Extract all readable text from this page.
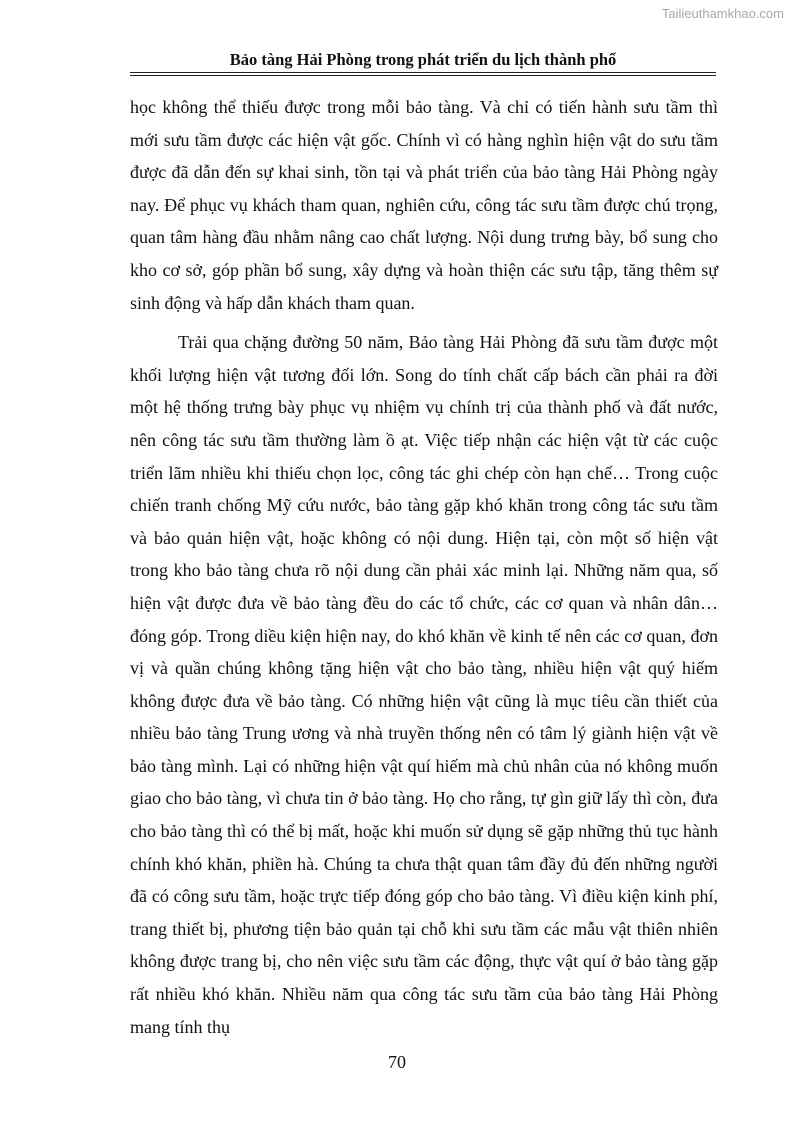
Tailieuthamkhao.com
Bảo tàng Hải Phòng trong phát triển du lịch thành phố

học không thể thiếu được trong mỗi bảo tàng. Và chỉ có tiến hành sưu tầm thì mới sưu tầm được các hiện vật gốc. Chính vì có hàng nghìn hiện vật do sưu tầm được đã dẫn đến sự khai sinh, tồn tại và phát triển của bảo tàng Hải Phòng ngày nay. Để phục vụ khách tham quan, nghiên cứu, công tác sưu tầm được chú trọng, quan tâm hàng đầu nhằm nâng cao chất lượng. Nội dung trưng bày, bổ sung cho kho cơ sở, góp phần bổ sung, xây dựng và hoàn thiện các sưu tập, tăng thêm sự sinh động và hấp dẫn khách tham quan.

Trải qua chặng đường 50 năm, Bảo tàng Hải Phòng đã sưu tầm được một khối lượng hiện vật tương đối lớn. Song do tính chất cấp bách cần phải ra đời một hệ thống trưng bày phục vụ nhiệm vụ chính trị của thành phố và đất nước, nên công tác sưu tầm thường làm ồ ạt. Việc tiếp nhận các hiện vật từ các cuộc triển lãm nhiều khi thiếu chọn lọc, công tác ghi chép còn hạn chế… Trong cuộc chiến tranh chống Mỹ cứu nước, bảo tàng gặp khó khăn trong công tác sưu tầm và bảo quản hiện vật, hoặc không có nội dung. Hiện tại, còn một số hiện vật trong kho bảo tàng chưa rõ nội dung cần phải xác minh lại. Những năm qua, số hiện vật được đưa về bảo tàng đều do các tổ chức, các cơ quan và nhân dân… đóng góp. Trong diều kiện hiện nay, do khó khăn về kinh tế nên các cơ quan, đơn vị và quần chúng không tặng hiện vật cho bảo tàng, nhiều hiện vật quý hiếm không được đưa về bảo tàng. Có những hiện vật cũng là mục tiêu cần thiết của nhiều bảo tàng Trung ương và nhà truyền thống nên có tâm lý giành hiện vật về bảo tàng mình. Lại có những hiện vật quí hiếm mà chủ nhân của nó không muốn giao cho bảo tàng, vì chưa tin ở bảo tàng. Họ cho rằng, tự gìn giữ lấy thì còn, đưa cho bảo tàng thì có thể bị mất, hoặc khi muốn sử dụng sẽ gặp những thủ tục hành chính khó khăn, phiền hà. Chúng ta chưa thật quan tâm đầy đủ đến những người đã có công sưu tầm, hoặc trực tiếp đóng góp cho bảo tàng. Vì điều kiện kinh phí, trang thiết bị, phương tiện bảo quản tại chỗ khi sưu tầm các mẫu vật thiên nhiên không được trang bị, cho nên việc sưu tầm các động, thực vật quí ở bảo tàng gặp rất nhiều khó khăn. Nhiều năm qua công tác sưu tầm của bảo tàng Hải Phòng mang tính thụ

70
